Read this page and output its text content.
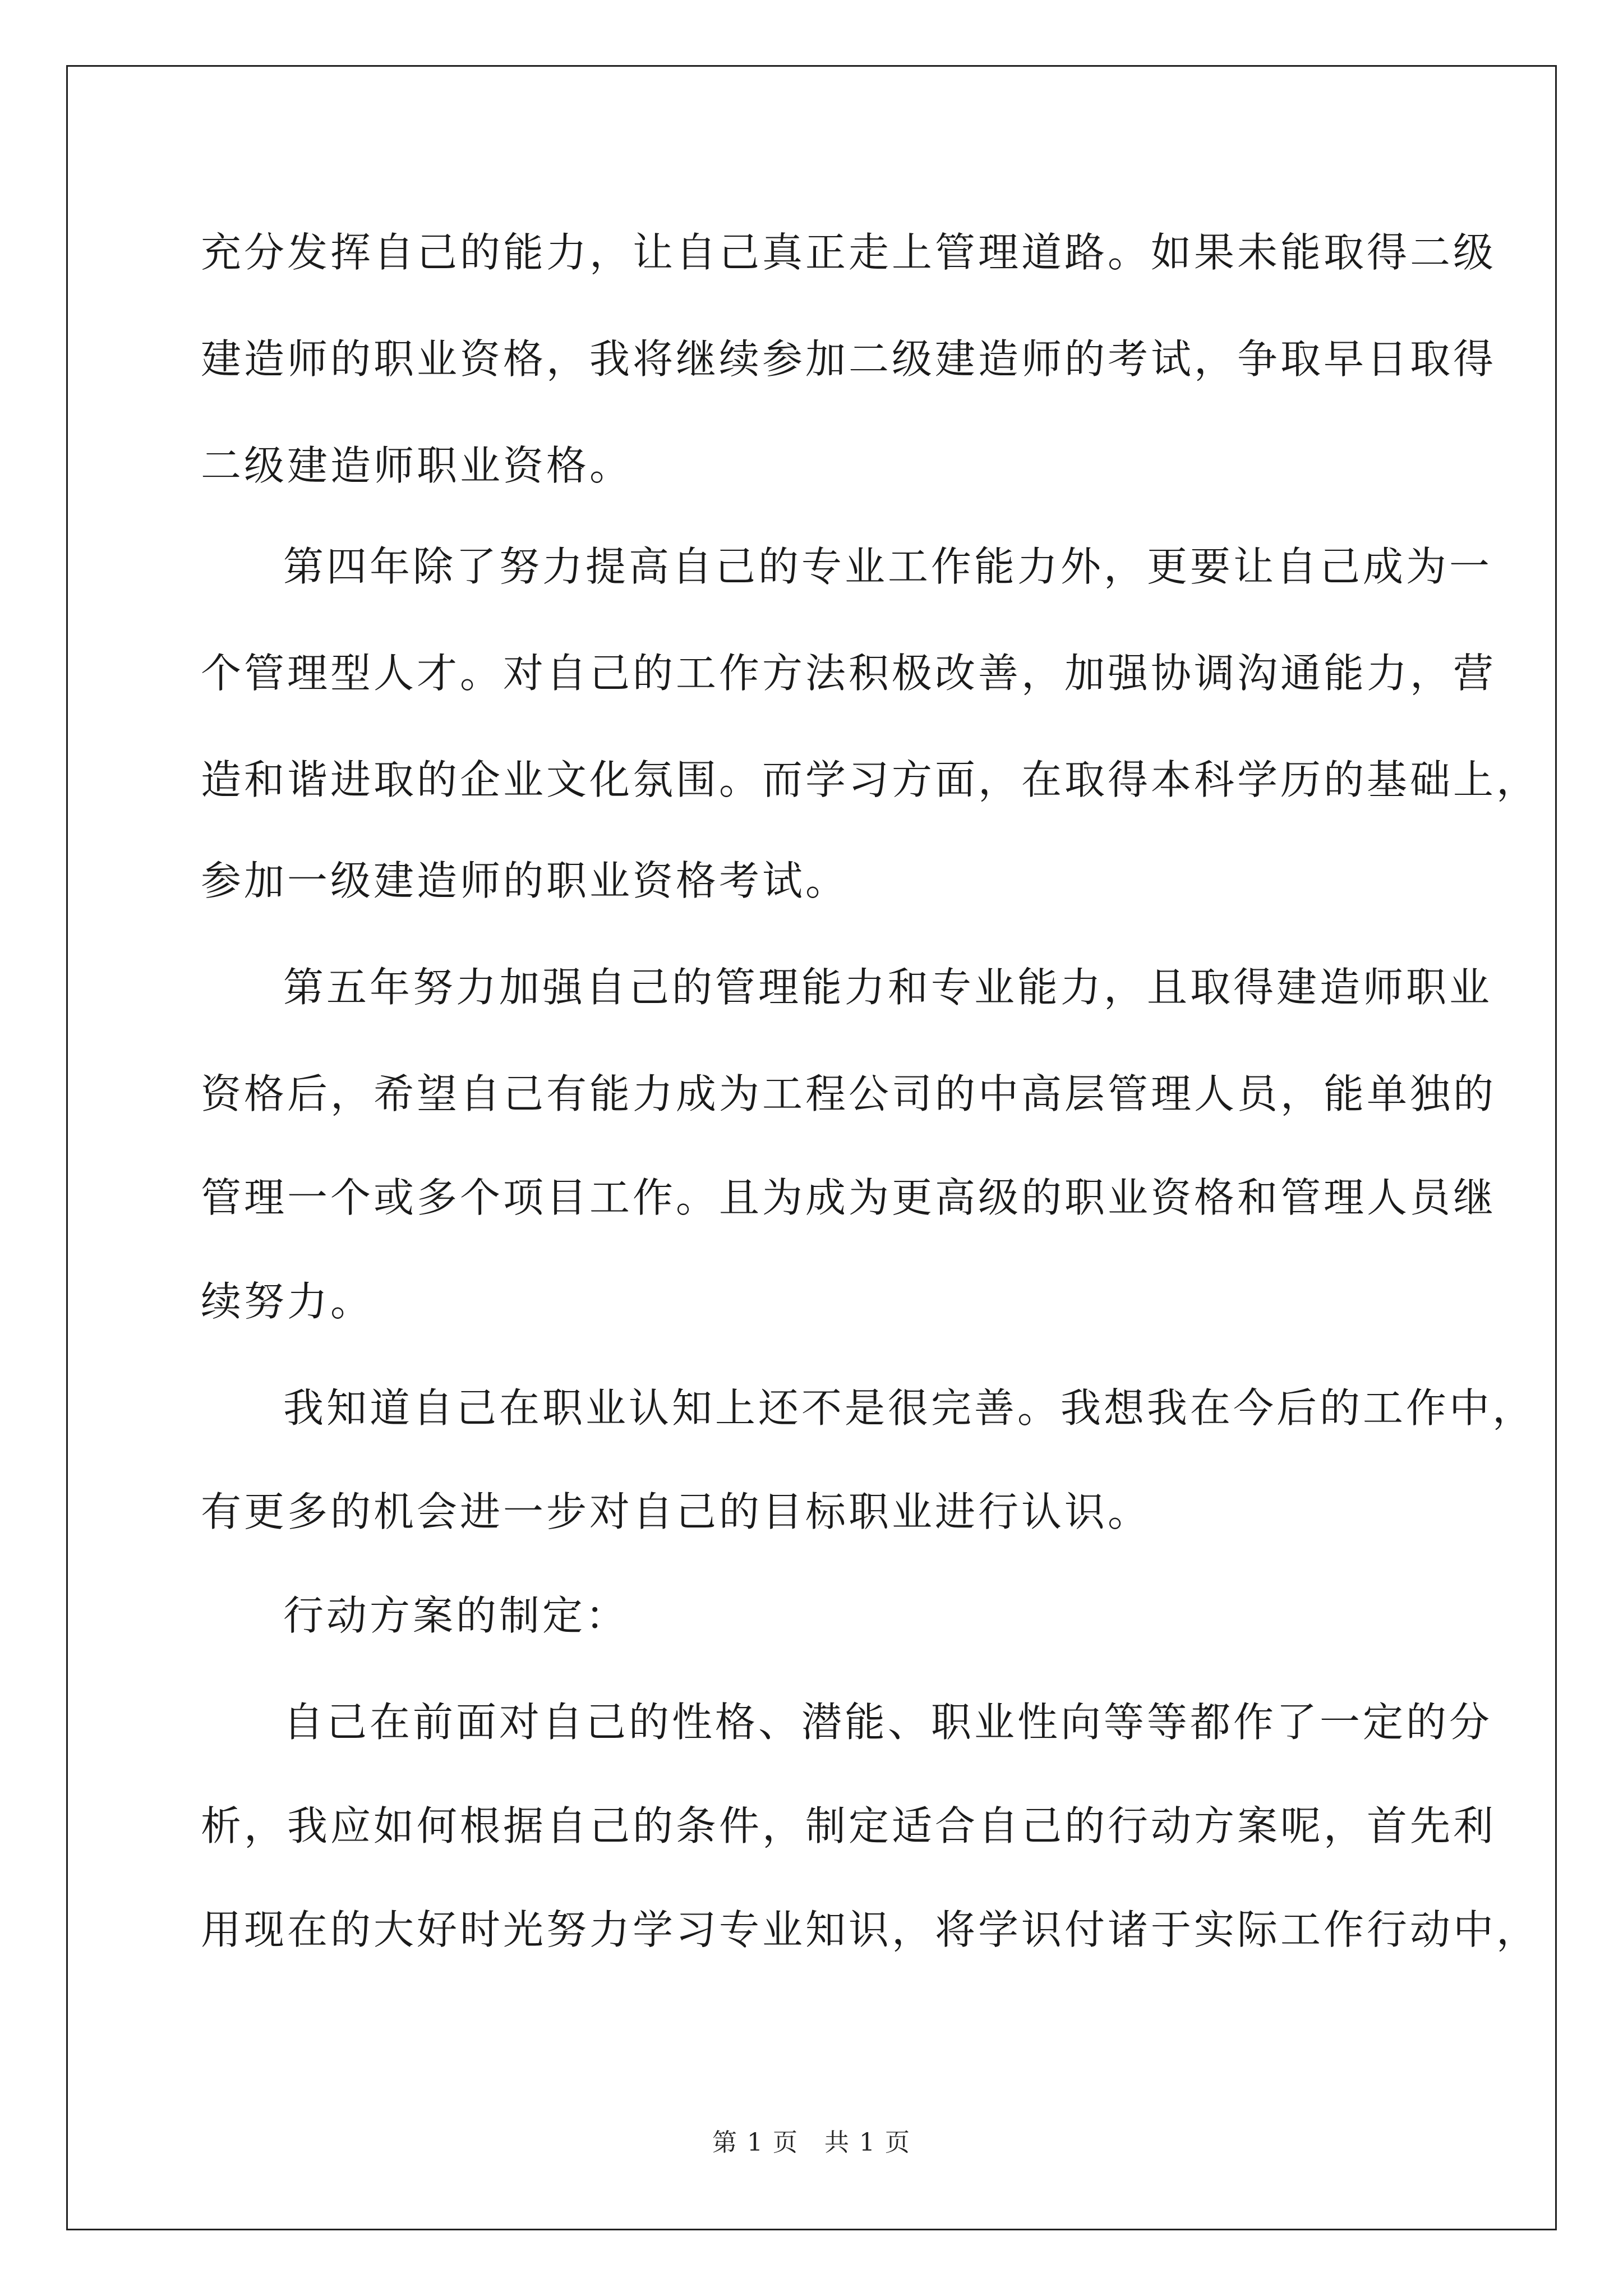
充分发挥自己的能力，让自己真正走上管理道路。如果未能取得二级
建造师的职业资格，我将继续参加二级建造师的考试，争取早日取得
二级建造师职业资格。
第四年除了努力提高自己的专业工作能力外，更要让自己成为一
个管理型人才。对自己的工作方法积极改善，加强协调沟通能力，营
造和谐进取的企业文化氛围。而学习方面，在取得本科学历的基础上，
参加一级建造师的职业资格考试。
第五年努力加强自己的管理能力和专业能力，且取得建造师职业
资格后，希望自己有能力成为工程公司的中高层管理人员，能单独的
管理一个或多个项目工作。且为成为更高级的职业资格和管理人员继
续努力。
我知道自己在职业认知上还不是很完善。我想我在今后的工作中，
有更多的机会进一步对自己的目标职业进行认识。
行动方案的制定：
自己在前面对自己的性格、潜能、职业性向等等都作了一定的分
析，我应如何根据自己的条件，制定适合自己的行动方案呢，首先利
用现在的大好时光努力学习专业知识，将学识付诸于实际工作行动中，
第 1 页　共 1 页
